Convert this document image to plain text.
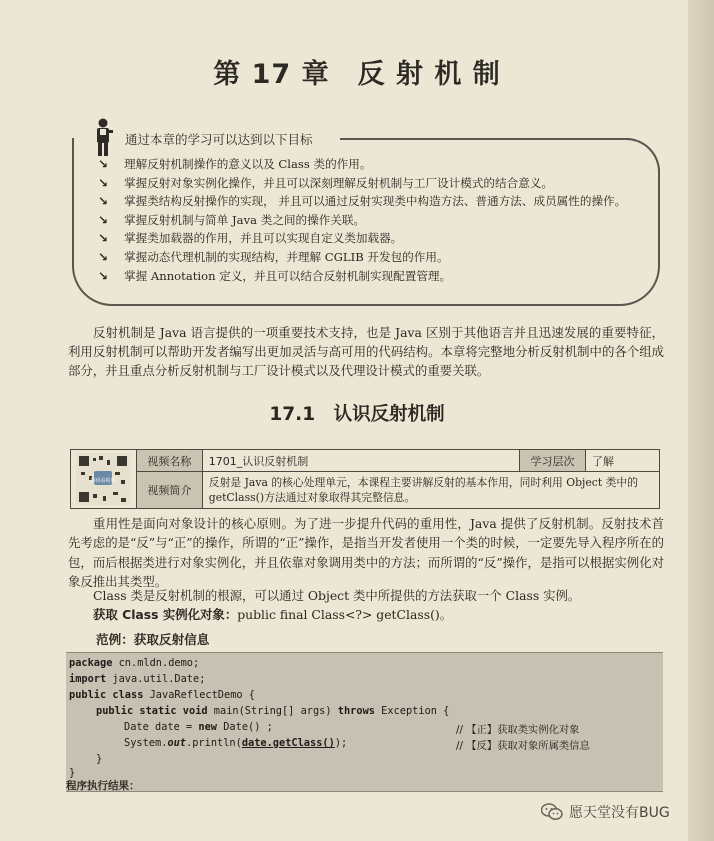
第 17 章　反 射 机 制
通过本章的学习可以达到以下目标
↘ 理解反射机制操作的意义以及 Class 类的作用。
↘ 掌握反射对象实例化操作，并且可以深刻理解反射机制与工厂设计模式的结合意义。
↘ 掌握类结构反射操作的实现， 并且可以通过反射实现类中构造方法、普通方法、成员属性的操作。
↘ 掌握反射机制与简单 Java 类之间的操作关联。
↘ 掌握类加载器的作用，并且可以实现自定义类加载器。
↘ 掌握动态代理机制的实现结构，并理解 CGLIB 开发包的作用。
↘ 掌握 Annotation 定义，并且可以结合反射机制实现配置管理。

反射机制是 Java 语言提供的一项重要技术支持，也是 Java 区别于其他语言并且迅速发展的重要特征，利用反射机制可以帮助开发者编写出更加灵活与高可用的代码结构。本章将完整地分析反射机制中的各个组成部分，并且重点分析反射机制与工厂设计模式以及代理设计模式的重要关联。

17.1　认识反射机制
扫码看视频	视频名称	1701_认识反射机制	学习层次	了解
	视频简介	反射是 Java 的核心处理单元，本课程主要讲解反射的基本作用，同时利用 Object 类中的 getClass()方法通过对象取得其完整信息。		

重用性是面向对象设计的核心原则。为了进一步提升代码的重用性，Java 提供了反射机制。反射技术首先考虑的是“反”与“正”的操作，所谓的“正”操作，是指当开发者使用一个类的时候，一定要先导入程序所在的包，而后根据类进行对象实例化，并且依靠对象调用类中的方法；而所谓的“反”操作，是指可以根据实例化对象反推出其类型。

Class 类是反射机制的根源，可以通过 Object 类中所提供的方法获取一个 Class 实例。

获取 Class 实例化对象：public final Class<?> getClass()。

范例：获取反射信息
package cn.mldn.demo;
import java.util.Date;
public class JavaReflectDemo {
public static void main(String[] args) throws Exception {
Date date = new Date() ;	// 【正】获取类实例化对象
System.out.println(date.getClass());	// 【反】获取对象所属类信息
}
}
程序执行结果：
愿天堂没有BUG
